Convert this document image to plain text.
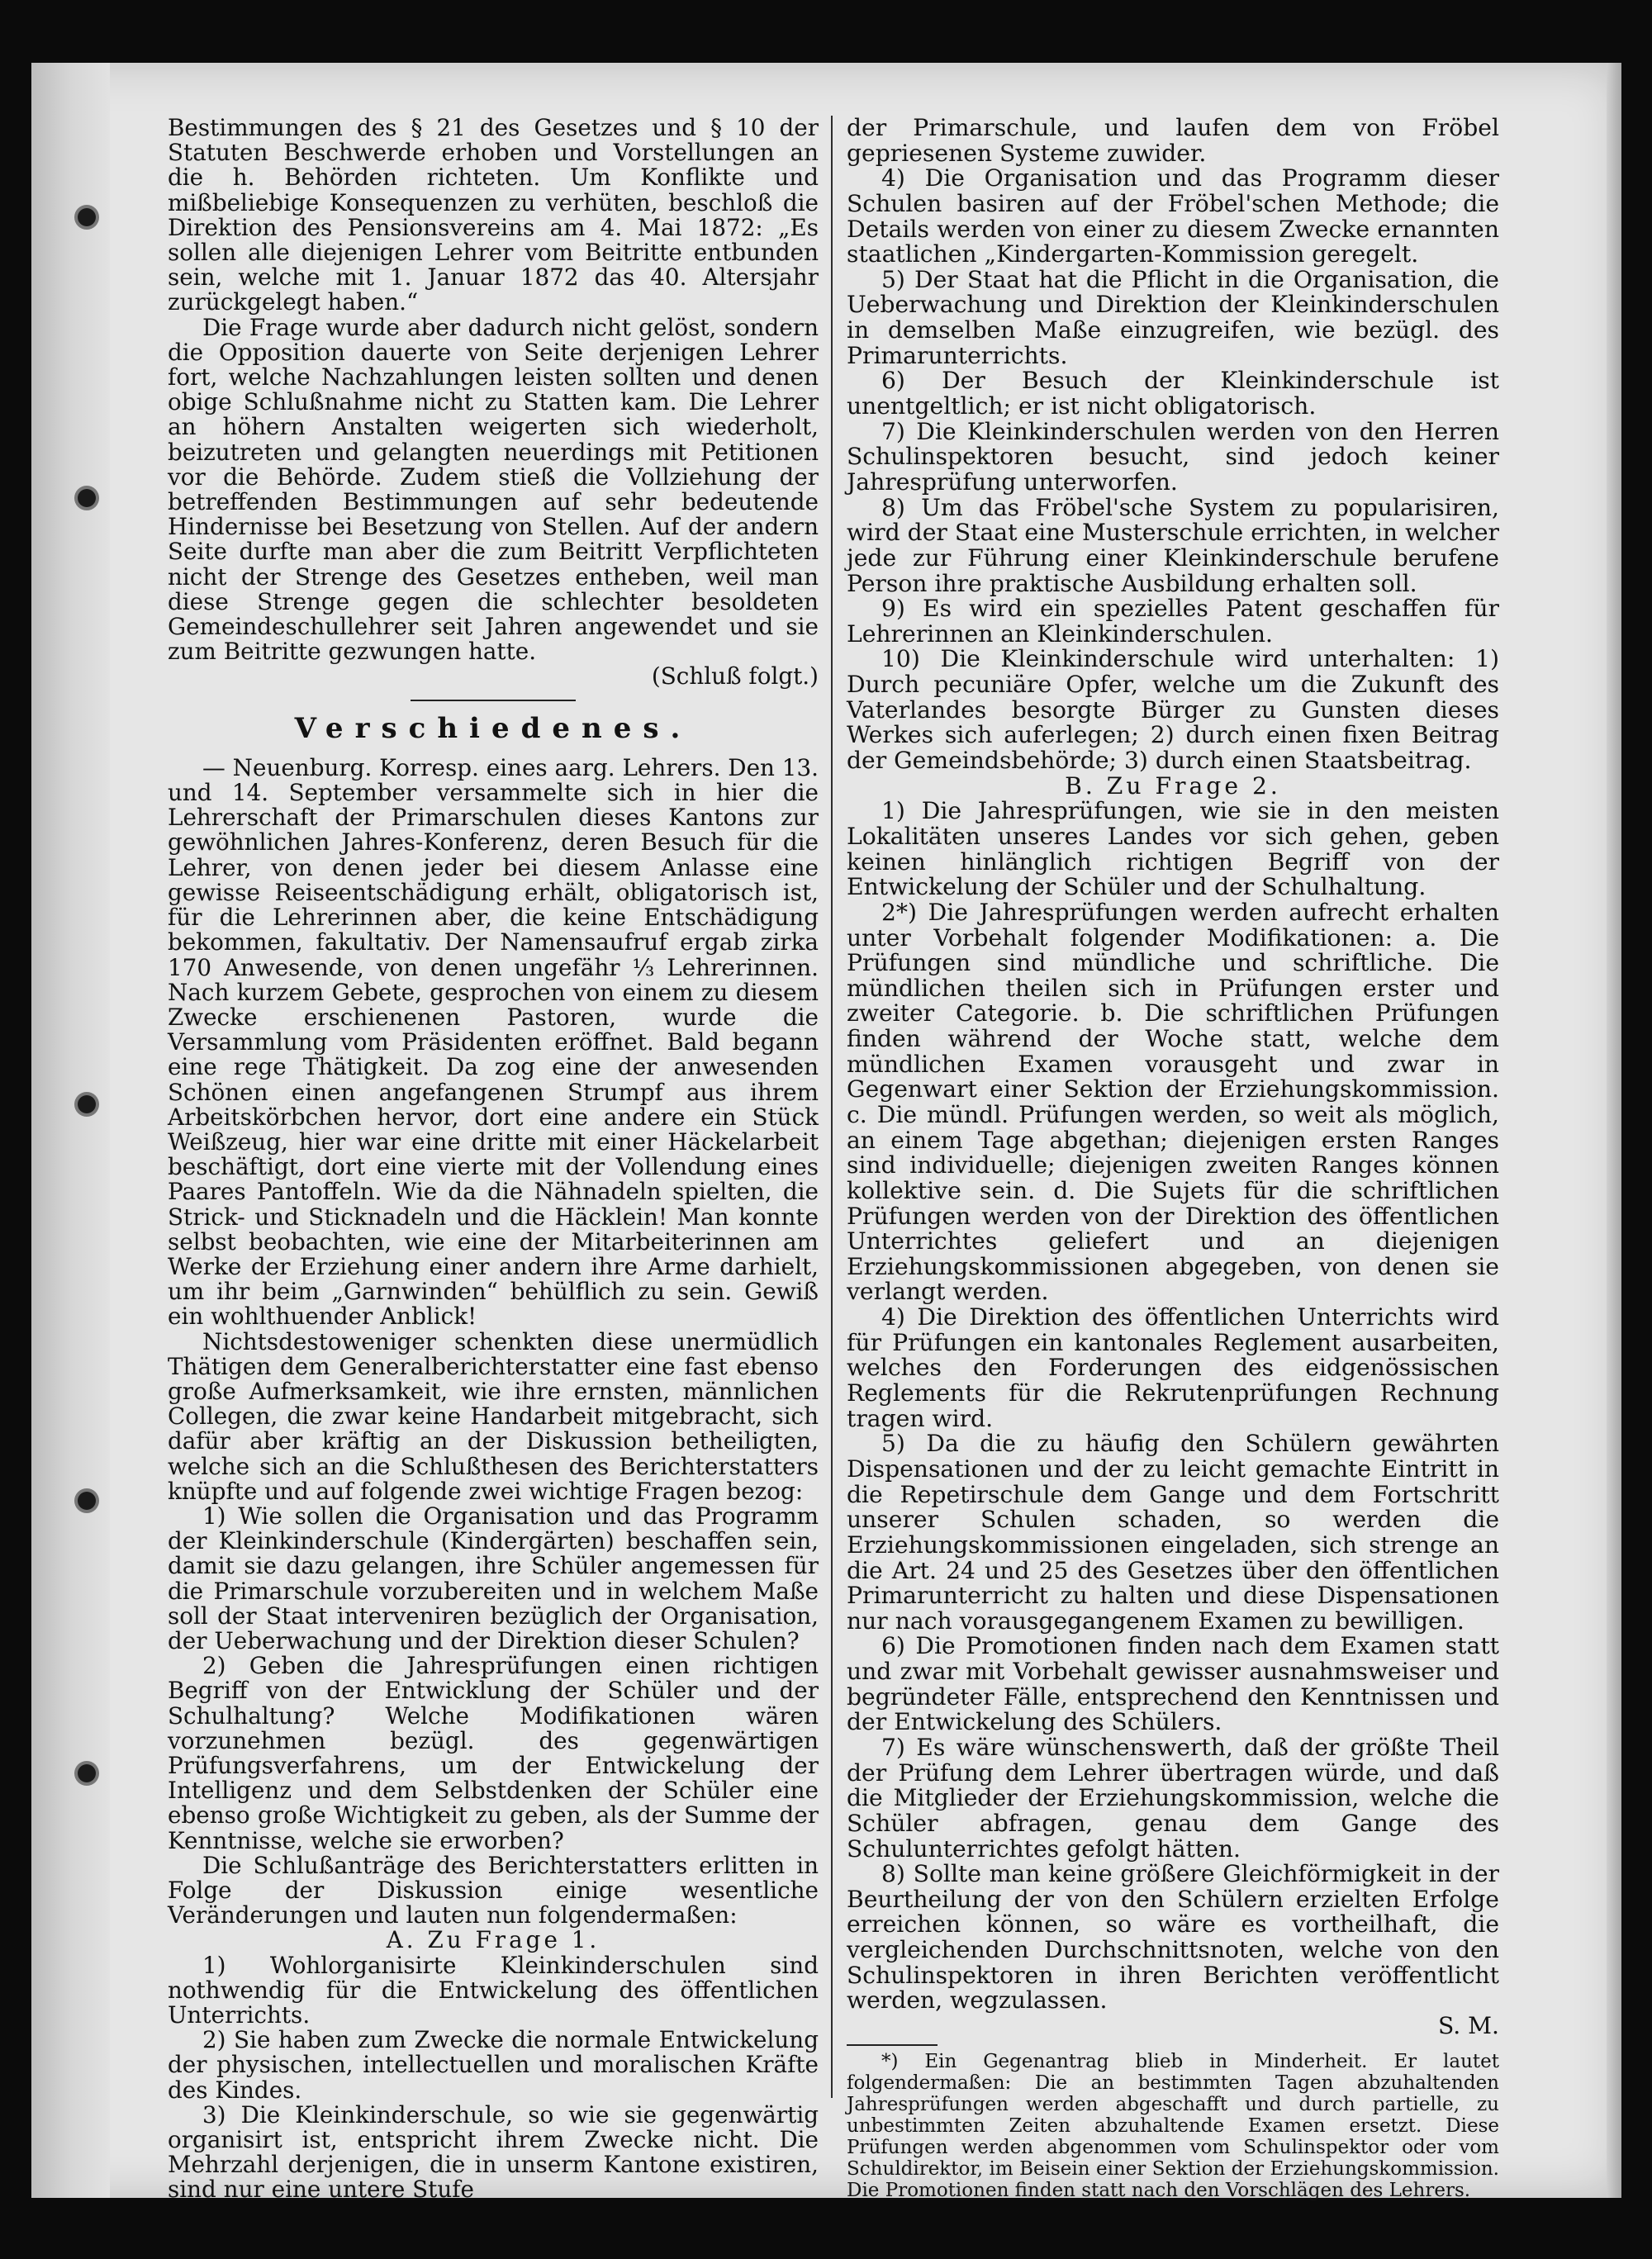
Bestimmungen des § 21 des Gesetzes und § 10 der Statuten Beschwerde erhoben und Vorstellungen an die h. Behörden richteten. Um Konflikte und mißbeliebige Konsequenzen zu verhüten, beschloß die Direktion des Pensionsvereins am 4. Mai 1872: „Es sollen alle diejenigen Lehrer vom Beitritte entbunden sein, welche mit 1. Januar 1872 das 40. Altersjahr zurückgelegt haben.“

Die Frage wurde aber dadurch nicht gelöst, sondern die Opposition dauerte von Seite derjenigen Lehrer fort, welche Nachzahlungen leisten sollten und denen obige Schlußnahme nicht zu Statten kam. Die Lehrer an höhern Anstalten weigerten sich wiederholt, beizutreten und gelangten neuerdings mit Petitionen vor die Behörde. Zudem stieß die Vollziehung der betreffenden Bestimmungen auf sehr bedeutende Hindernisse bei Besetzung von Stellen. Auf der andern Seite durfte man aber die zum Beitritt Verpflichteten nicht der Strenge des Gesetzes entheben, weil man diese Strenge gegen die schlechter besoldeten Gemeindeschullehrer seit Jahren angewendet und sie zum Beitritte gezwungen hatte.

(Schluß folgt.)

Verschiedenes.

— Neuenburg. Korresp. eines aarg. Lehrers. Den 13. und 14. September versammelte sich in hier die Lehrerschaft der Primarschulen dieses Kantons zur gewöhnlichen Jahres-Konferenz, deren Besuch für die Lehrer, von denen jeder bei diesem Anlasse eine gewisse Reiseentschädigung erhält, obligatorisch ist, für die Lehrerinnen aber, die keine Entschädigung bekommen, fakultativ. Der Namensaufruf ergab zirka 170 Anwesende, von denen ungefähr ⅓ Lehrerinnen. Nach kurzem Gebete, gesprochen von einem zu diesem Zwecke erschienenen Pastoren, wurde die Versammlung vom Präsidenten eröffnet. Bald begann eine rege Thätigkeit. Da zog eine der anwesenden Schönen einen angefangenen Strumpf aus ihrem Arbeitskörbchen hervor, dort eine andere ein Stück Weißzeug, hier war eine dritte mit einer Häckelarbeit beschäftigt, dort eine vierte mit der Vollendung eines Paares Pantoffeln. Wie da die Nähnadeln spielten, die Strick- und Sticknadeln und die Häcklein! Man konnte selbst beobachten, wie eine der Mitarbeiterinnen am Werke der Erziehung einer andern ihre Arme darhielt, um ihr beim „Garnwinden“ behülflich zu sein. Gewiß ein wohlthuender Anblick!

Nichtsdestoweniger schenkten diese unermüdlich Thätigen dem Generalberichterstatter eine fast ebenso große Aufmerksamkeit, wie ihre ernsten, männlichen Collegen, die zwar keine Handarbeit mitgebracht, sich dafür aber kräftig an der Diskussion betheiligten, welche sich an die Schlußthesen des Berichterstatters knüpfte und auf folgende zwei wichtige Fragen bezog:

1) Wie sollen die Organisation und das Programm der Kleinkinderschule (Kindergärten) beschaffen sein, damit sie dazu gelangen, ihre Schüler angemessen für die Primarschule vorzubereiten und in welchem Maße soll der Staat interveniren bezüglich der Organisation, der Ueberwachung und der Direktion dieser Schulen?

2) Geben die Jahresprüfungen einen richtigen Begriff von der Entwicklung der Schüler und der Schulhaltung? Welche Modifikationen wären vorzunehmen bezügl. des gegenwärtigen Prüfungsverfahrens, um der Entwickelung der Intelligenz und dem Selbstdenken der Schüler eine ebenso große Wichtigkeit zu geben, als der Summe der Kenntnisse, welche sie erworben?

Die Schlußanträge des Berichterstatters erlitten in Folge der Diskussion einige wesentliche Veränderungen und lauten nun folgendermaßen:

A. Zu Frage 1.

1) Wohlorganisirte Kleinkinderschulen sind nothwendig für die Entwickelung des öffentlichen Unterrichts.

2) Sie haben zum Zwecke die normale Entwickelung der physischen, intellectuellen und moralischen Kräfte des Kindes.

3) Die Kleinkinderschule, so wie sie gegenwärtig organisirt ist, entspricht ihrem Zwecke nicht. Die Mehrzahl derjenigen, die in unserm Kantone existiren, sind nur eine untere Stufe

der Primarschule, und laufen dem von Fröbel gepriesenen Systeme zuwider.

4) Die Organisation und das Programm dieser Schulen basiren auf der Fröbel'schen Methode; die Details werden von einer zu diesem Zwecke ernannten staatlichen „Kindergarten-Kommission geregelt.

5) Der Staat hat die Pflicht in die Organisation, die Ueberwachung und Direktion der Kleinkinderschulen in demselben Maße einzugreifen, wie bezügl. des Primarunterrichts.

6) Der Besuch der Kleinkinderschule ist unentgeltlich; er ist nicht obligatorisch.

7) Die Kleinkinderschulen werden von den Herren Schulinspektoren besucht, sind jedoch keiner Jahresprüfung unterworfen.

8) Um das Fröbel'sche System zu popularisiren, wird der Staat eine Musterschule errichten, in welcher jede zur Führung einer Kleinkinderschule berufene Person ihre praktische Ausbildung erhalten soll.

9) Es wird ein spezielles Patent geschaffen für Lehrerinnen an Kleinkinderschulen.

10) Die Kleinkinderschule wird unterhalten: 1) Durch pecuniäre Opfer, welche um die Zukunft des Vaterlandes besorgte Bürger zu Gunsten dieses Werkes sich auferlegen; 2) durch einen fixen Beitrag der Gemeindsbehörde; 3) durch einen Staatsbeitrag.

B. Zu Frage 2.

1) Die Jahresprüfungen, wie sie in den meisten Lokalitäten unseres Landes vor sich gehen, geben keinen hinlänglich richtigen Begriff von der Entwickelung der Schüler und der Schulhaltung.

2*) Die Jahresprüfungen werden aufrecht erhalten unter Vorbehalt folgender Modifikationen: a. Die Prüfungen sind mündliche und schriftliche. Die mündlichen theilen sich in Prüfungen erster und zweiter Categorie. b. Die schriftlichen Prüfungen finden während der Woche statt, welche dem mündlichen Examen vorausgeht und zwar in Gegenwart einer Sektion der Erziehungskommission. c. Die mündl. Prüfungen werden, so weit als möglich, an einem Tage abgethan; diejenigen ersten Ranges sind individuelle; diejenigen zweiten Ranges können kollektive sein. d. Die Sujets für die schriftlichen Prüfungen werden von der Direktion des öffentlichen Unterrichtes geliefert und an diejenigen Erziehungskommissionen abgegeben, von denen sie verlangt werden.

4) Die Direktion des öffentlichen Unterrichts wird für Prüfungen ein kantonales Reglement ausarbeiten, welches den Forderungen des eidgenössischen Reglements für die Rekrutenprüfungen Rechnung tragen wird.

5) Da die zu häufig den Schülern gewährten Dispensationen und der zu leicht gemachte Eintritt in die Repetirschule dem Gange und dem Fortschritt unserer Schulen schaden, so werden die Erziehungskommissionen eingeladen, sich strenge an die Art. 24 und 25 des Gesetzes über den öffentlichen Primarunterricht zu halten und diese Dispensationen nur nach vorausgegangenem Examen zu bewilligen.

6) Die Promotionen finden nach dem Examen statt und zwar mit Vorbehalt gewisser ausnahmsweiser und begründeter Fälle, entsprechend den Kenntnissen und der Entwickelung des Schülers.

7) Es wäre wünschenswerth, daß der größte Theil der Prüfung dem Lehrer übertragen würde, und daß die Mitglieder der Erziehungskommission, welche die Schüler abfragen, genau dem Gange des Schulunterrichtes gefolgt hätten.

8) Sollte man keine größere Gleichförmigkeit in der Beurtheilung der von den Schülern erzielten Erfolge erreichen können, so wäre es vortheilhaft, die vergleichenden Durchschnittsnoten, welche von den Schulinspektoren in ihren Berichten veröffentlicht werden, wegzulassen.

S. M.

*) Ein Gegenantrag blieb in Minderheit. Er lautet folgendermaßen: Die an bestimmten Tagen abzuhaltenden Jahresprüfungen werden abgeschafft und durch partielle, zu unbestimmten Zeiten abzuhaltende Examen ersetzt. Diese Prüfungen werden abgenommen vom Schulinspektor oder vom Schuldirektor, im Beisein einer Sektion der Erziehungskommission. Die Promotionen finden statt nach den Vorschlägen des Lehrers.
